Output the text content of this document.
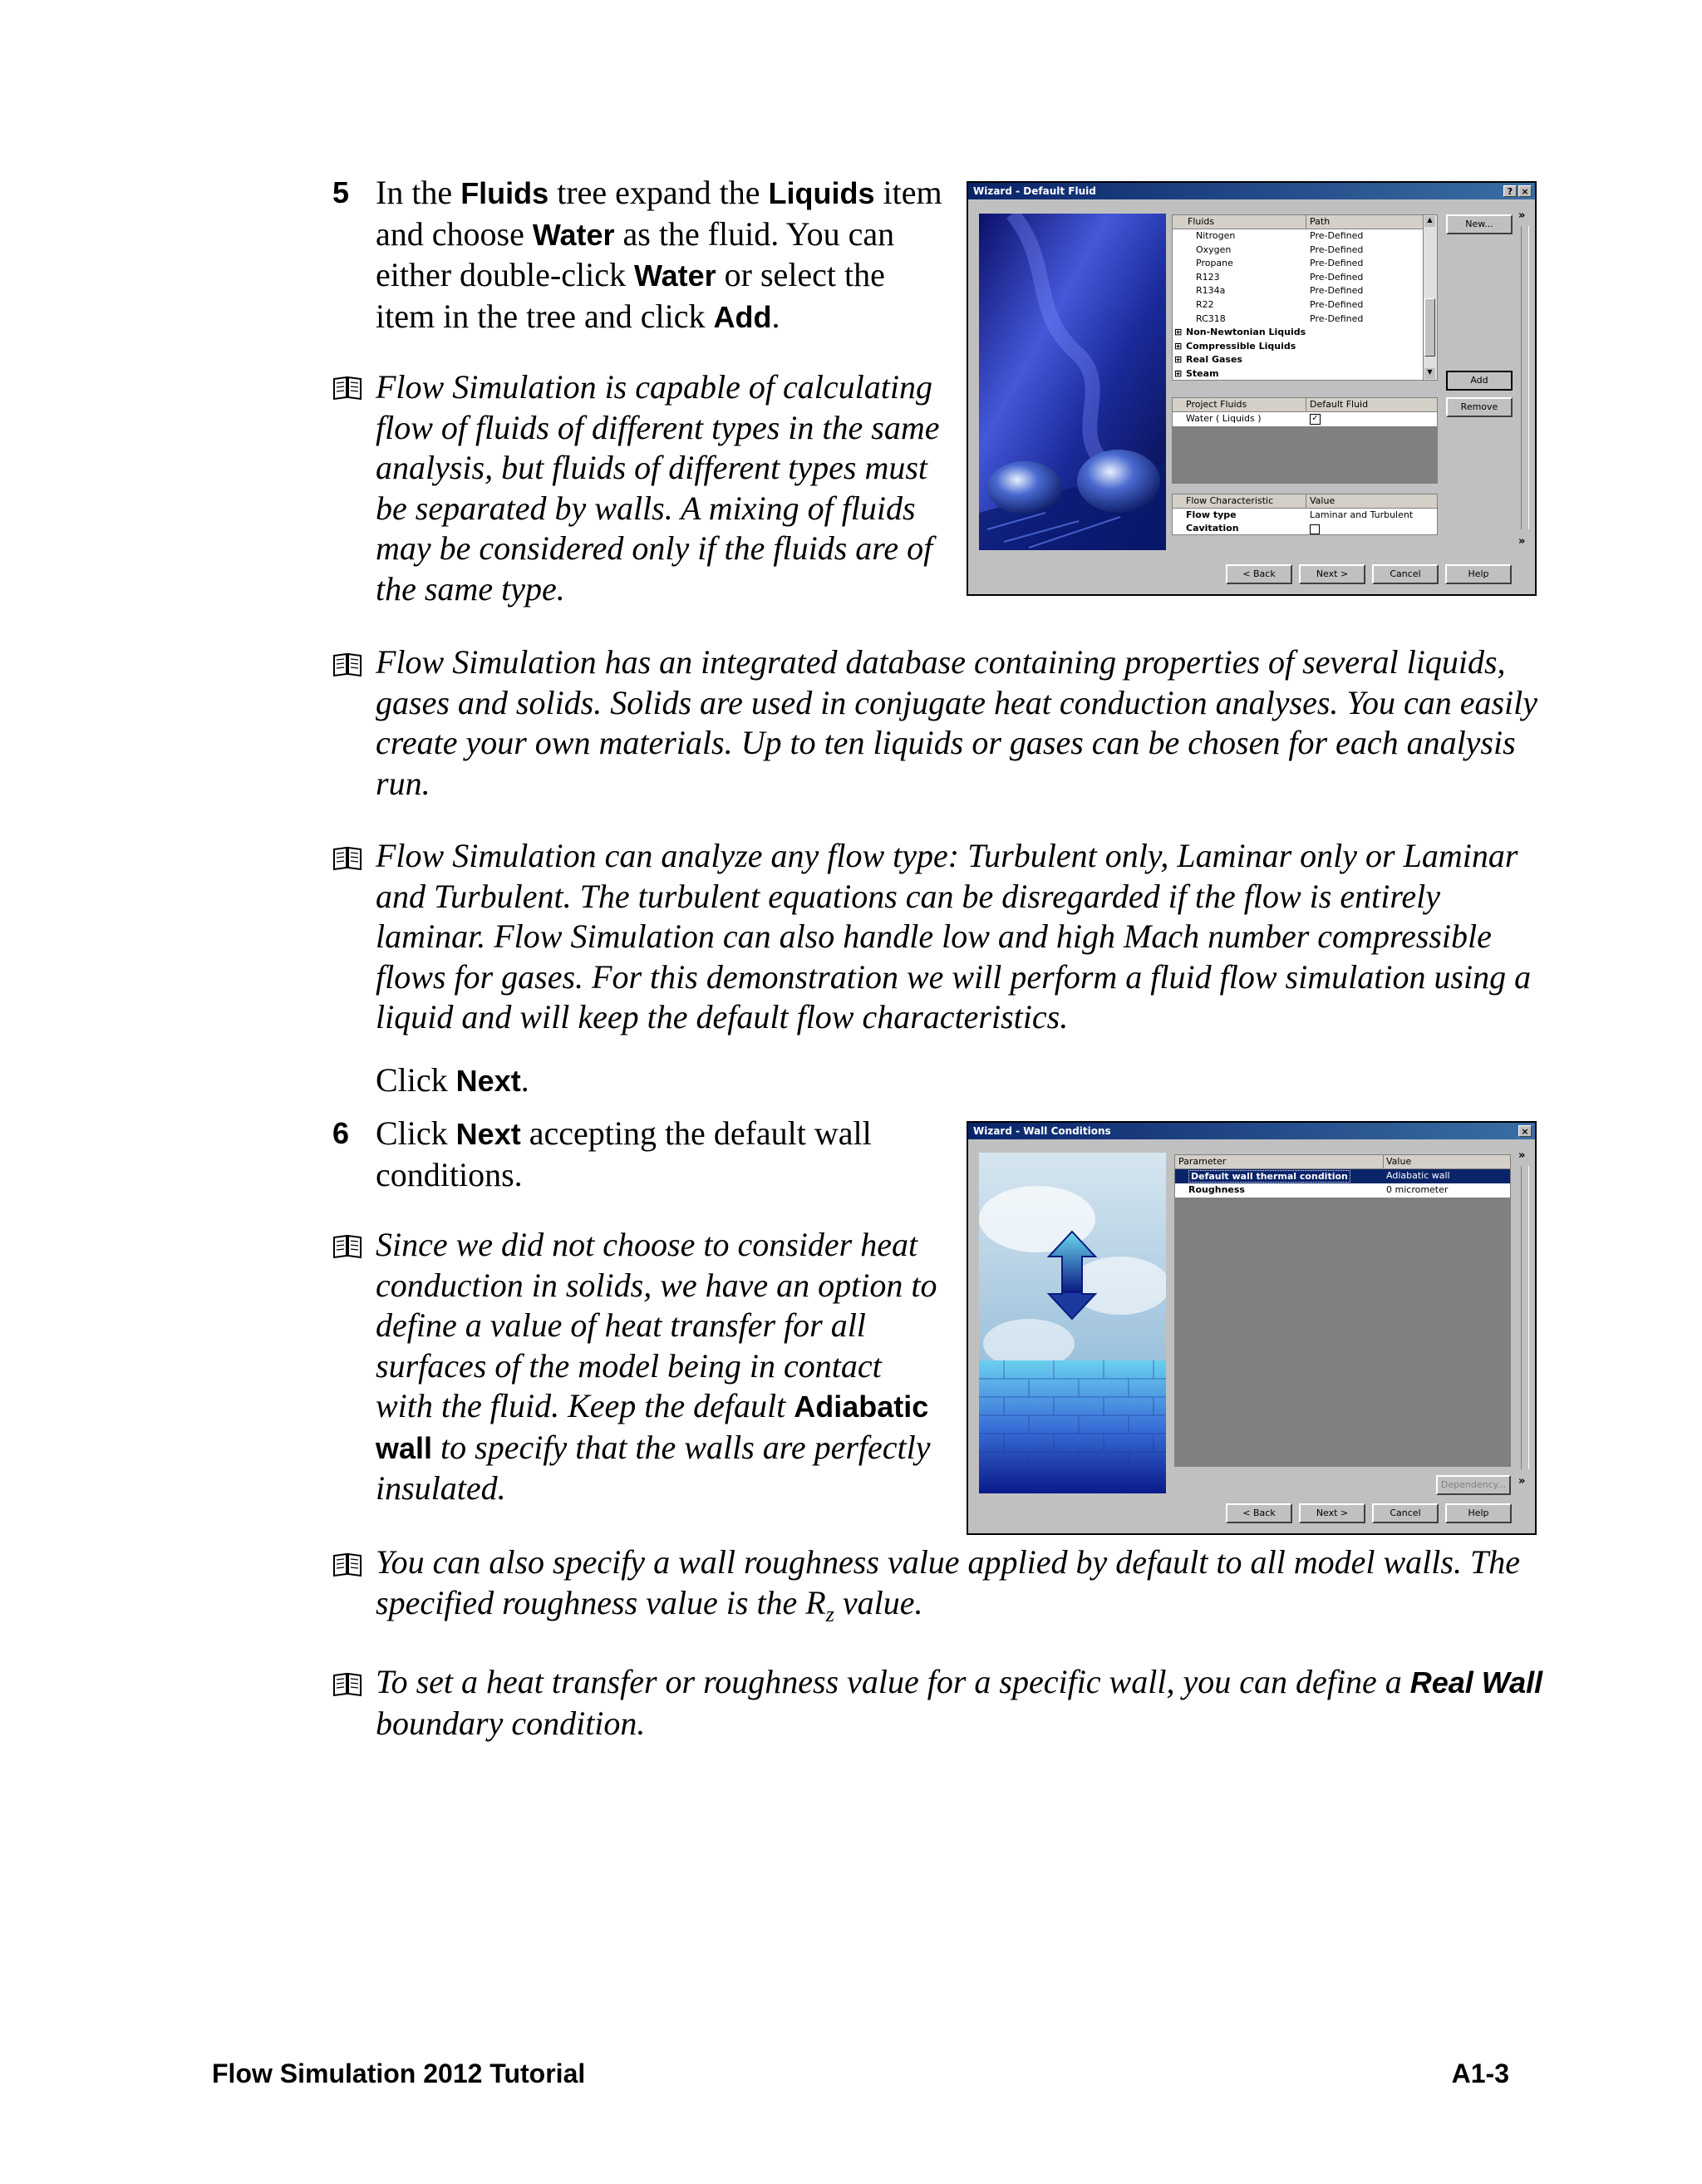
5 In the Fluids tree expand the Liquids item
and choose Water as the fluid. You can
either double-click Water or select the
item in the tree and click Add.
Flow Simulation is capable of calculating
flow of fluids of different types in the same
analysis, but fluids of different types must
be separated by walls. A mixing of fluids
may be considered only if the fluids are of
the same type.
Wizard - Default Fluid	? ×
Fluids	Path
Nitrogen	Pre-Defined
Oxygen	Pre-Defined
Propane	Pre-Defined
R123	Pre-Defined
R134a	Pre-Defined
R22	Pre-Defined
RC318	Pre-Defined
⊞ Non-Newtonian Liquids
⊞ Compressible Liquids
⊞ Real Gases
⊞ Steam
▲
▼
Project Fluids	Default Fluid
Water ( Liquids )	✓
Flow Characteristic	Value
Flow type	Laminar and Turbulent
Cavitation
New...
Add
Remove
»
»
< Back	Next >	Cancel	Help
Flow Simulation has an integrated database containing properties of several liquids,
gases and solids. Solids are used in conjugate heat conduction analyses. You can easily
create your own materials. Up to ten liquids or gases can be chosen for each analysis
run.
Flow Simulation can analyze any flow type: Turbulent only, Laminar only or Laminar
and Turbulent. The turbulent equations can be disregarded if the flow is entirely
laminar. Flow Simulation can also handle low and high Mach number compressible
flows for gases. For this demonstration we will perform a fluid flow simulation using a
liquid and will keep the default flow characteristics.
Click Next.
6 Click Next accepting the default wall
conditions.
Since we did not choose to consider heat
conduction in solids, we have an option to
define a value of heat transfer for all
surfaces of the model being in contact
with the fluid. Keep the default Adiabatic
wall to specify that the walls are perfectly
insulated.
Wizard - Wall Conditions	×
Parameter	Value
Default wall thermal condition	Adiabatic wall
Roughness	0 micrometer
Dependency...
»
»
< Back	Next >	Cancel	Help
You can also specify a wall roughness value applied by default to all model walls. The
specified roughness value is the $R_z$ value.
To set a heat transfer or roughness value for a specific wall, you can define a Real Wall
boundary condition.
Flow Simulation 2012 Tutorial	A1-3
